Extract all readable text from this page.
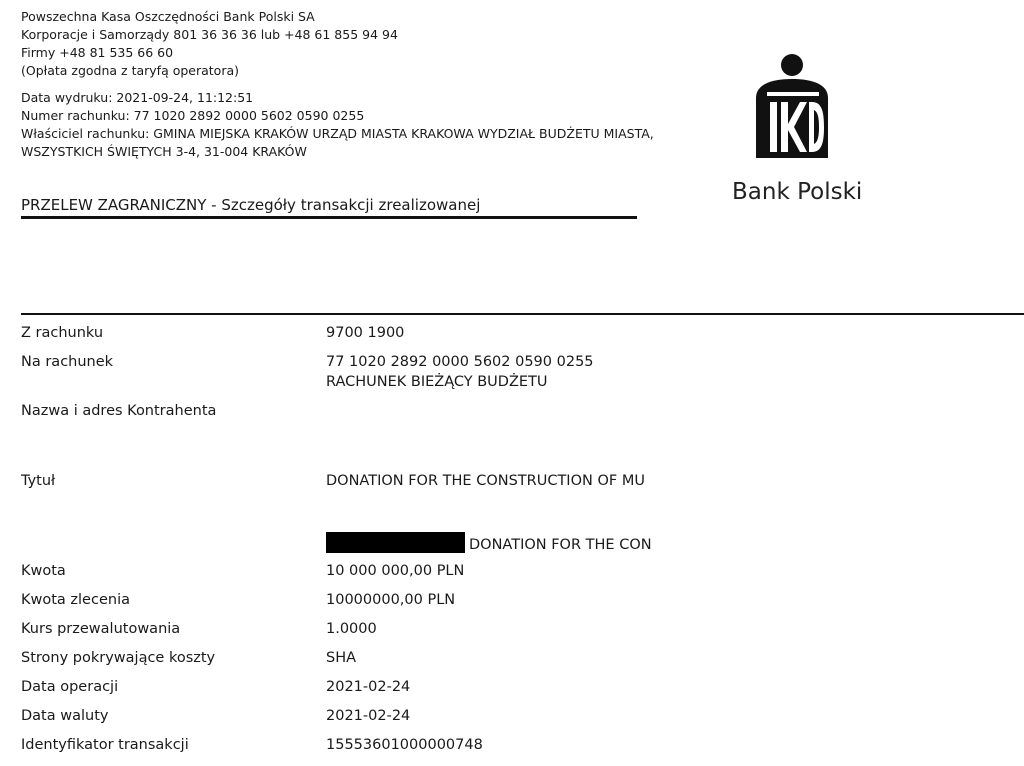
Powszechna Kasa Oszczędności Bank Polski SA
Korporacje i Samorządy 801 36 36 36 lub +48 61 855 94 94
Firmy +48 81 535 66 60
(Opłata zgodna z taryfą operatora)
Data wydruku: 2021-09-24, 11:12:51
Numer rachunku: 77 1020 2892 0000 5602 0590 0255
Właściciel rachunku: GMINA MIEJSKA KRAKÓW URZĄD MIASTA KRAKOWA WYDZIAŁ BUDŻETU MIASTA,
WSZYSTKICH ŚWIĘTYCH 3-4, 31-004 KRAKÓW
Bank Polski
PRZELEW ZAGRANICZNY - Szczegóły transakcji zrealizowanej
Z rachunku	9700 1900
Na rachunek	77 1020 2892 0000 5602 0590 0255
RACHUNEK BIEŻĄCY BUDŻETU
Nazwa i adres Kontrahenta
Tytuł	DONATION FOR THE CONSTRUCTION OF MU
DONATION FOR THE CON
Kwota	10 000 000,00 PLN
Kwota zlecenia	10000000,00 PLN
Kurs przewalutowania	1.0000
Strony pokrywające koszty	SHA
Data operacji	2021-02-24
Data waluty	2021-02-24
Identyfikator transakcji	15553601000000748
